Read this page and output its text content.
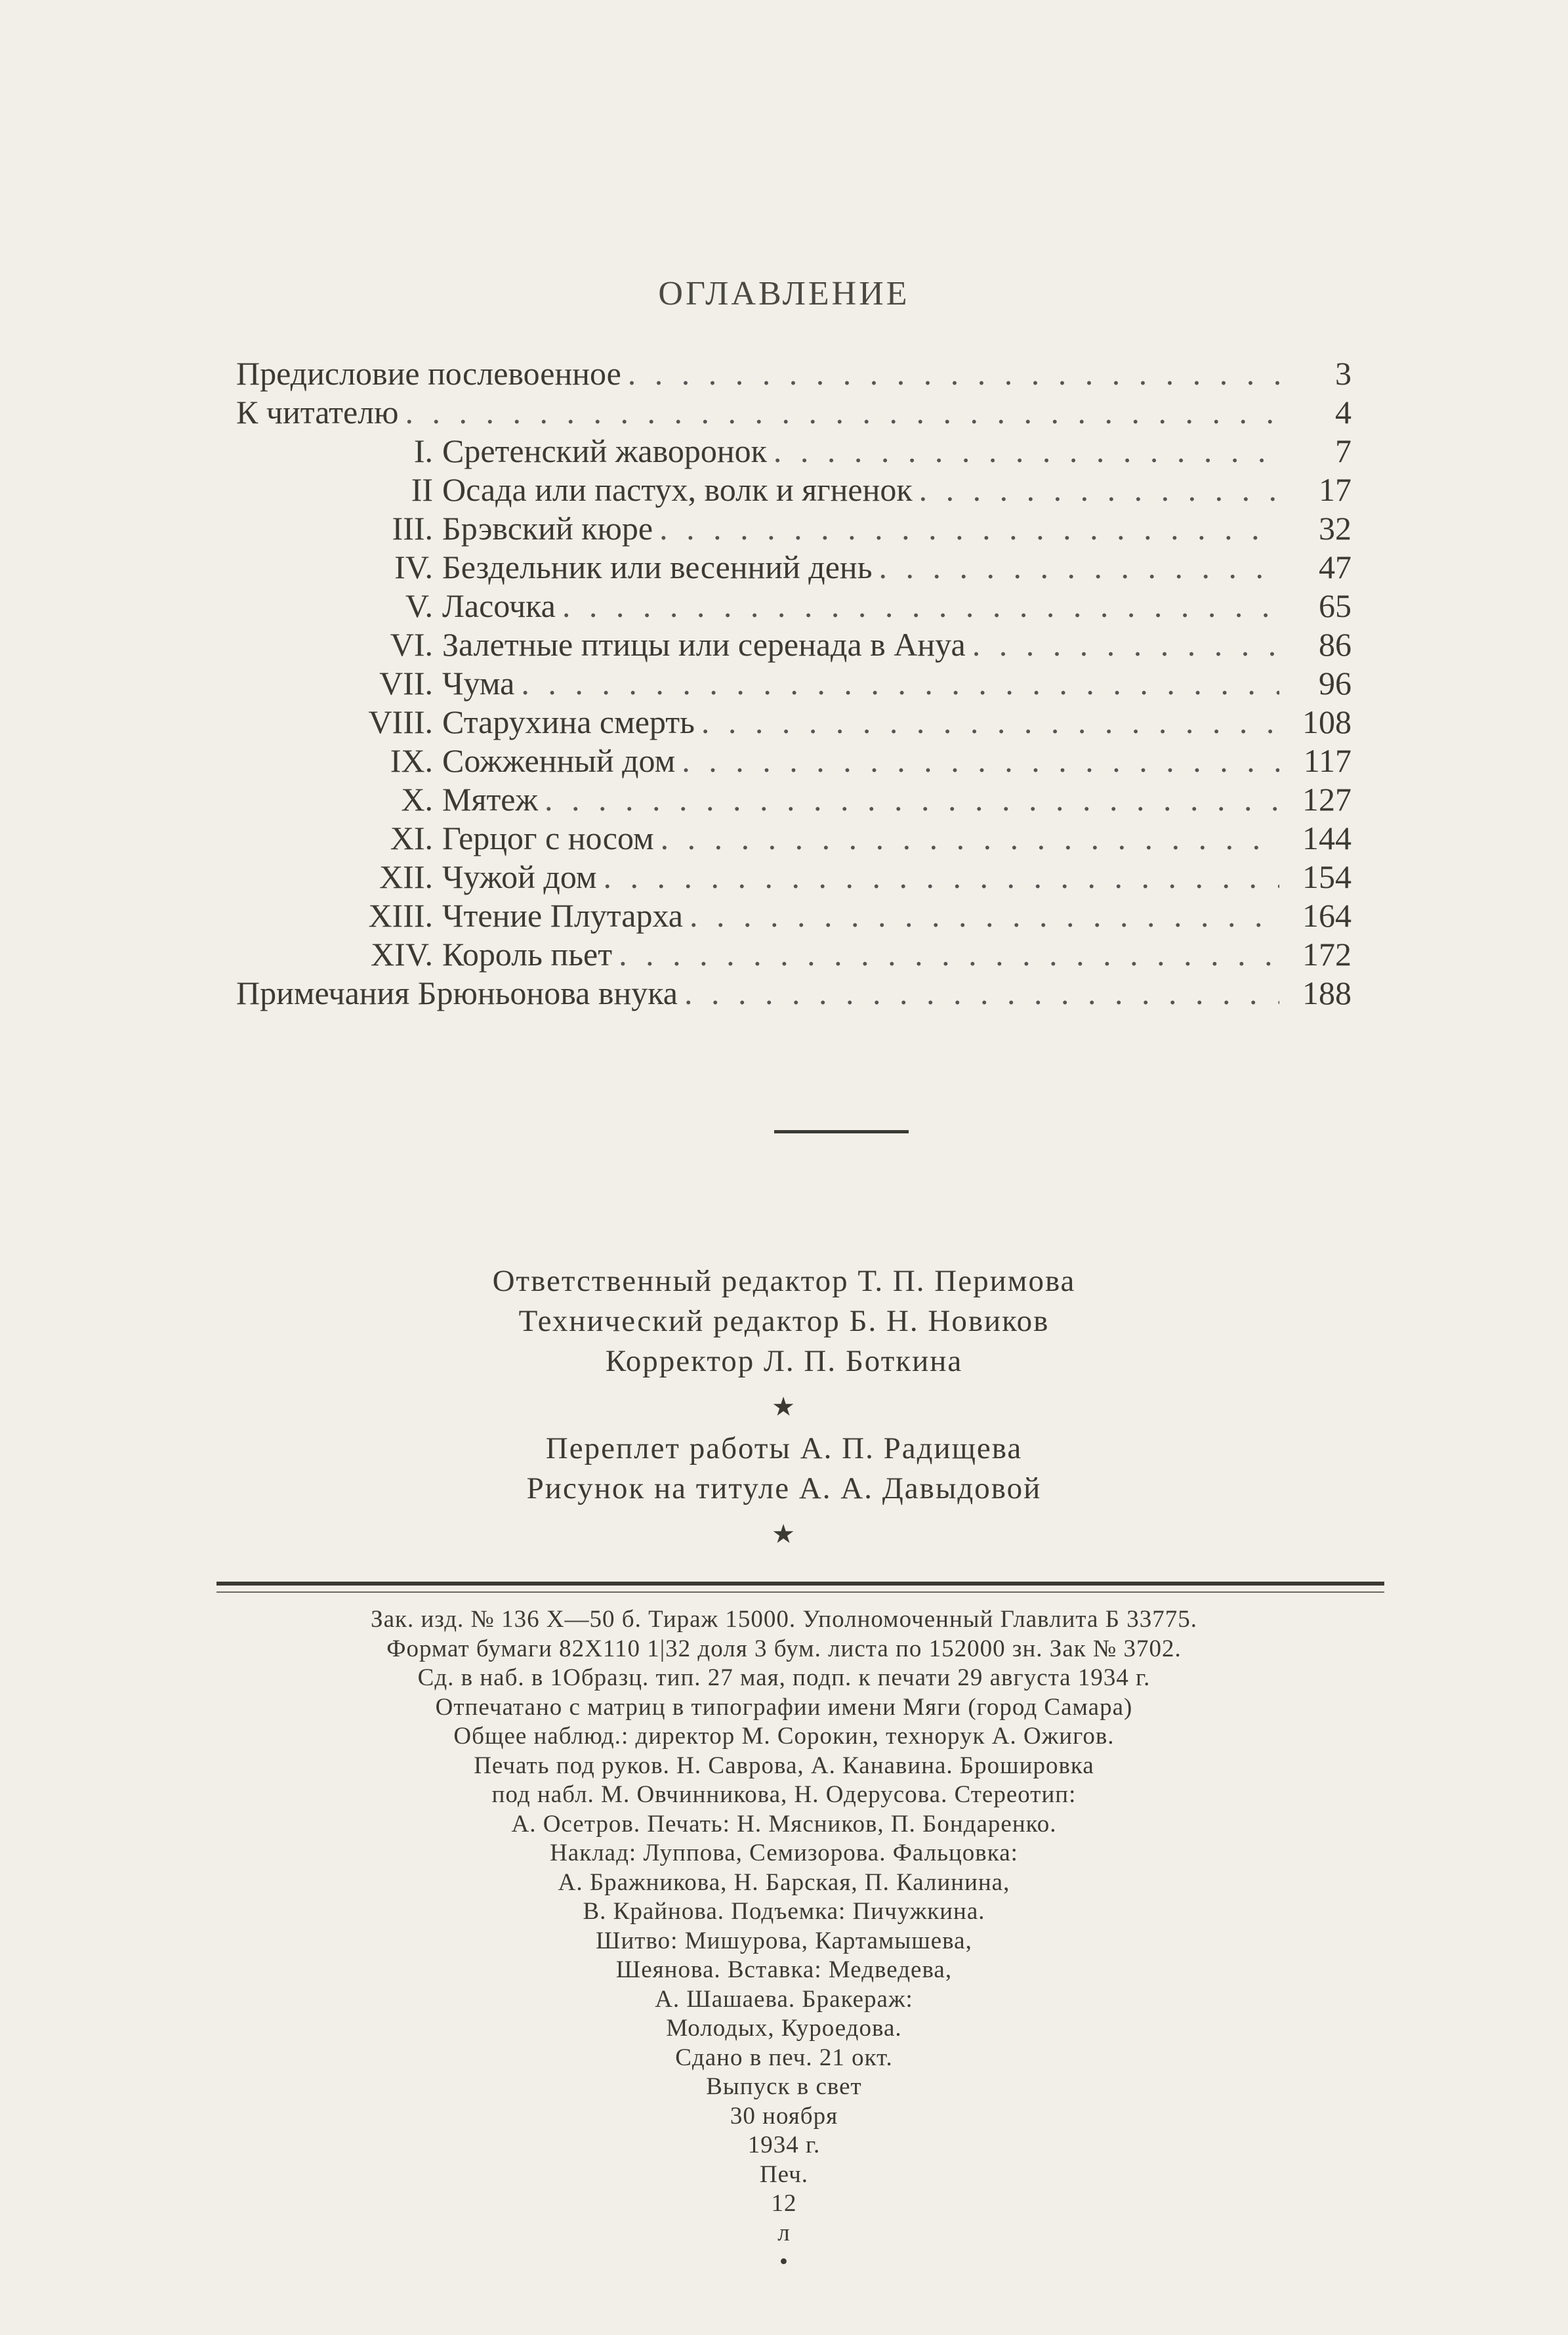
ОГЛАВЛЕНИЕ
Предисловие послевоенное . . .	3
К читателю . . .	4
I. Сретенский жаворонок . . .	7
II Осада или пастух, волк и ягненок . . .	17
III. Брэвский кюре . . .	32
IV. Бездельник или весенний день . . .	47
V. Ласочка . . .	65
VI. Залетные птицы или серенада в Ануа . . .	86
VII. Чума . . .	96
VIII. Старухина смерть . . .	108
IX. Сожженный дом . . .	117
X. Мятеж . . .	127
XI. Герцог с носом . . .	144
XII. Чужой дом . . .	154
XIII. Чтение Плутарха . . .	164
XIV. Король пьет . . .	172
Примечания Брюньонова внука . . .	188
Ответственный редактор Т. П. Перимова
Технический редактор Б. Н. Новиков
Корректор Л. П. Боткина
★
Переплет работы А. П. Радищева
Рисунок на титуле А. А. Давыдовой
★
Зак. изд. № 136 Х—50 б. Тираж 15000. Уполномоченный Главлита Б 33775.
Формат бумаги 82Х110 1|32 доля 3 бум. листа по 152000 зн. Зак № 3702.
Сд. в наб. в 1Образц. тип. 27 мая, подп. к печати 29 августа 1934 г.
Отпечатано с матриц в типографии имени Мяги (город Самара)
Общее наблюд.: директор М. Сорокин, технорук А. Ожигов.
Печать под руков. Н. Саврова, А. Канавина. Брошировка
под набл. М. Овчинникова, Н. Одерусова. Стереотип:
А. Осетров. Печать: Н. Мясников, П. Бондаренко.
Наклад: Луппова, Семизорова. Фальцовка:
А. Бражникова, Н. Барская, П. Калинина,
В. Крайнова. Подъемка: Пичужкина.
Шитво: Мишурова, Картамышева,
Шеянова. Вставка: Медведева,
А. Шашаева. Бракераж:
Молодых, Куроедова.
Сдано в печ. 21 окт.
Выпуск в свет
30 ноября
1934 г.
Печ.
12
л
•
